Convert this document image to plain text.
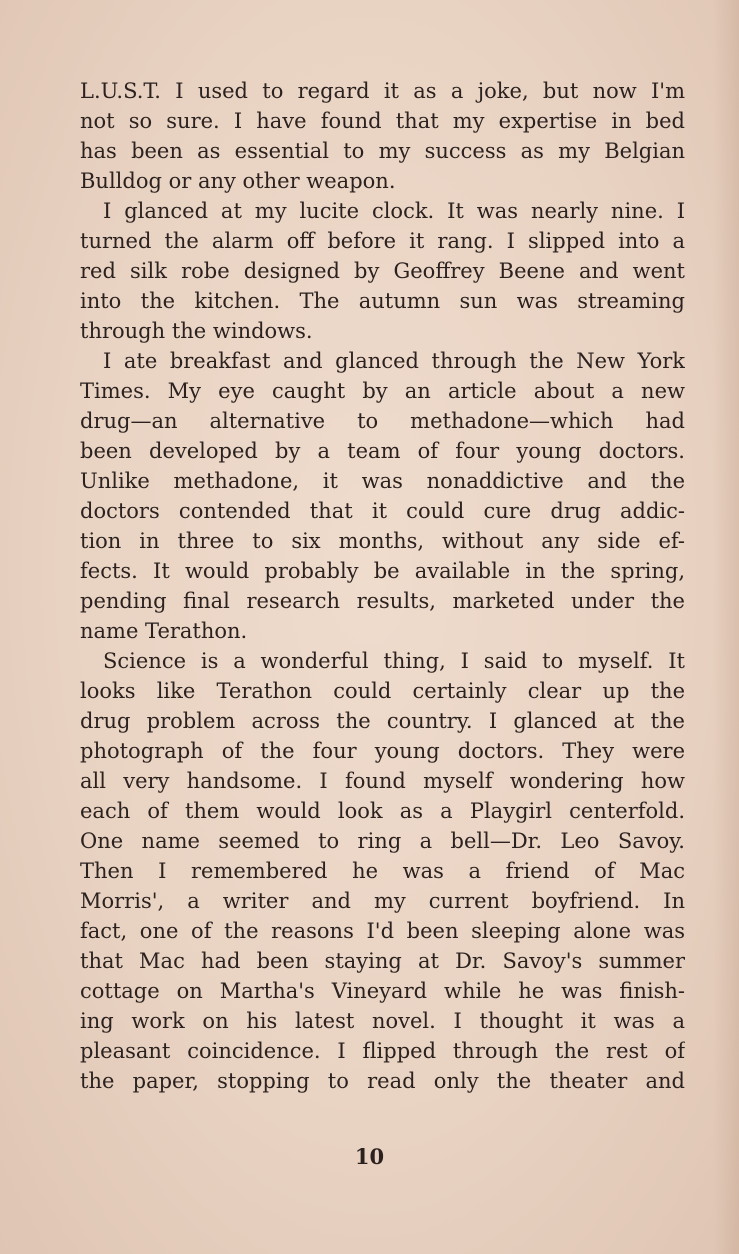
L.U.S.T. I used to regard it as a joke, but now I'm
not so sure. I have found that my expertise in bed
has been as essential to my success as my Belgian
Bulldog or any other weapon.
I glanced at my lucite clock. It was nearly nine. I
turned the alarm off before it rang. I slipped into a
red silk robe designed by Geoffrey Beene and went
into the kitchen. The autumn sun was streaming
through the windows.
I ate breakfast and glanced through the New York
Times. My eye caught by an article about a new
drug—an alternative to methadone—which had
been developed by a team of four young doctors.
Unlike methadone, it was nonaddictive and the
doctors contended that it could cure drug addic-
tion in three to six months, without any side ef-
fects. It would probably be available in the spring,
pending final research results, marketed under the
name Terathon.
Science is a wonderful thing, I said to myself. It
looks like Terathon could certainly clear up the
drug problem across the country. I glanced at the
photograph of the four young doctors. They were
all very handsome. I found myself wondering how
each of them would look as a Playgirl centerfold.
One name seemed to ring a bell—Dr. Leo Savoy.
Then I remembered he was a friend of Mac
Morris', a writer and my current boyfriend. In
fact, one of the reasons I'd been sleeping alone was
that Mac had been staying at Dr. Savoy's summer
cottage on Martha's Vineyard while he was finish-
ing work on his latest novel. I thought it was a
pleasant coincidence. I flipped through the rest of
the paper, stopping to read only the theater and
10
